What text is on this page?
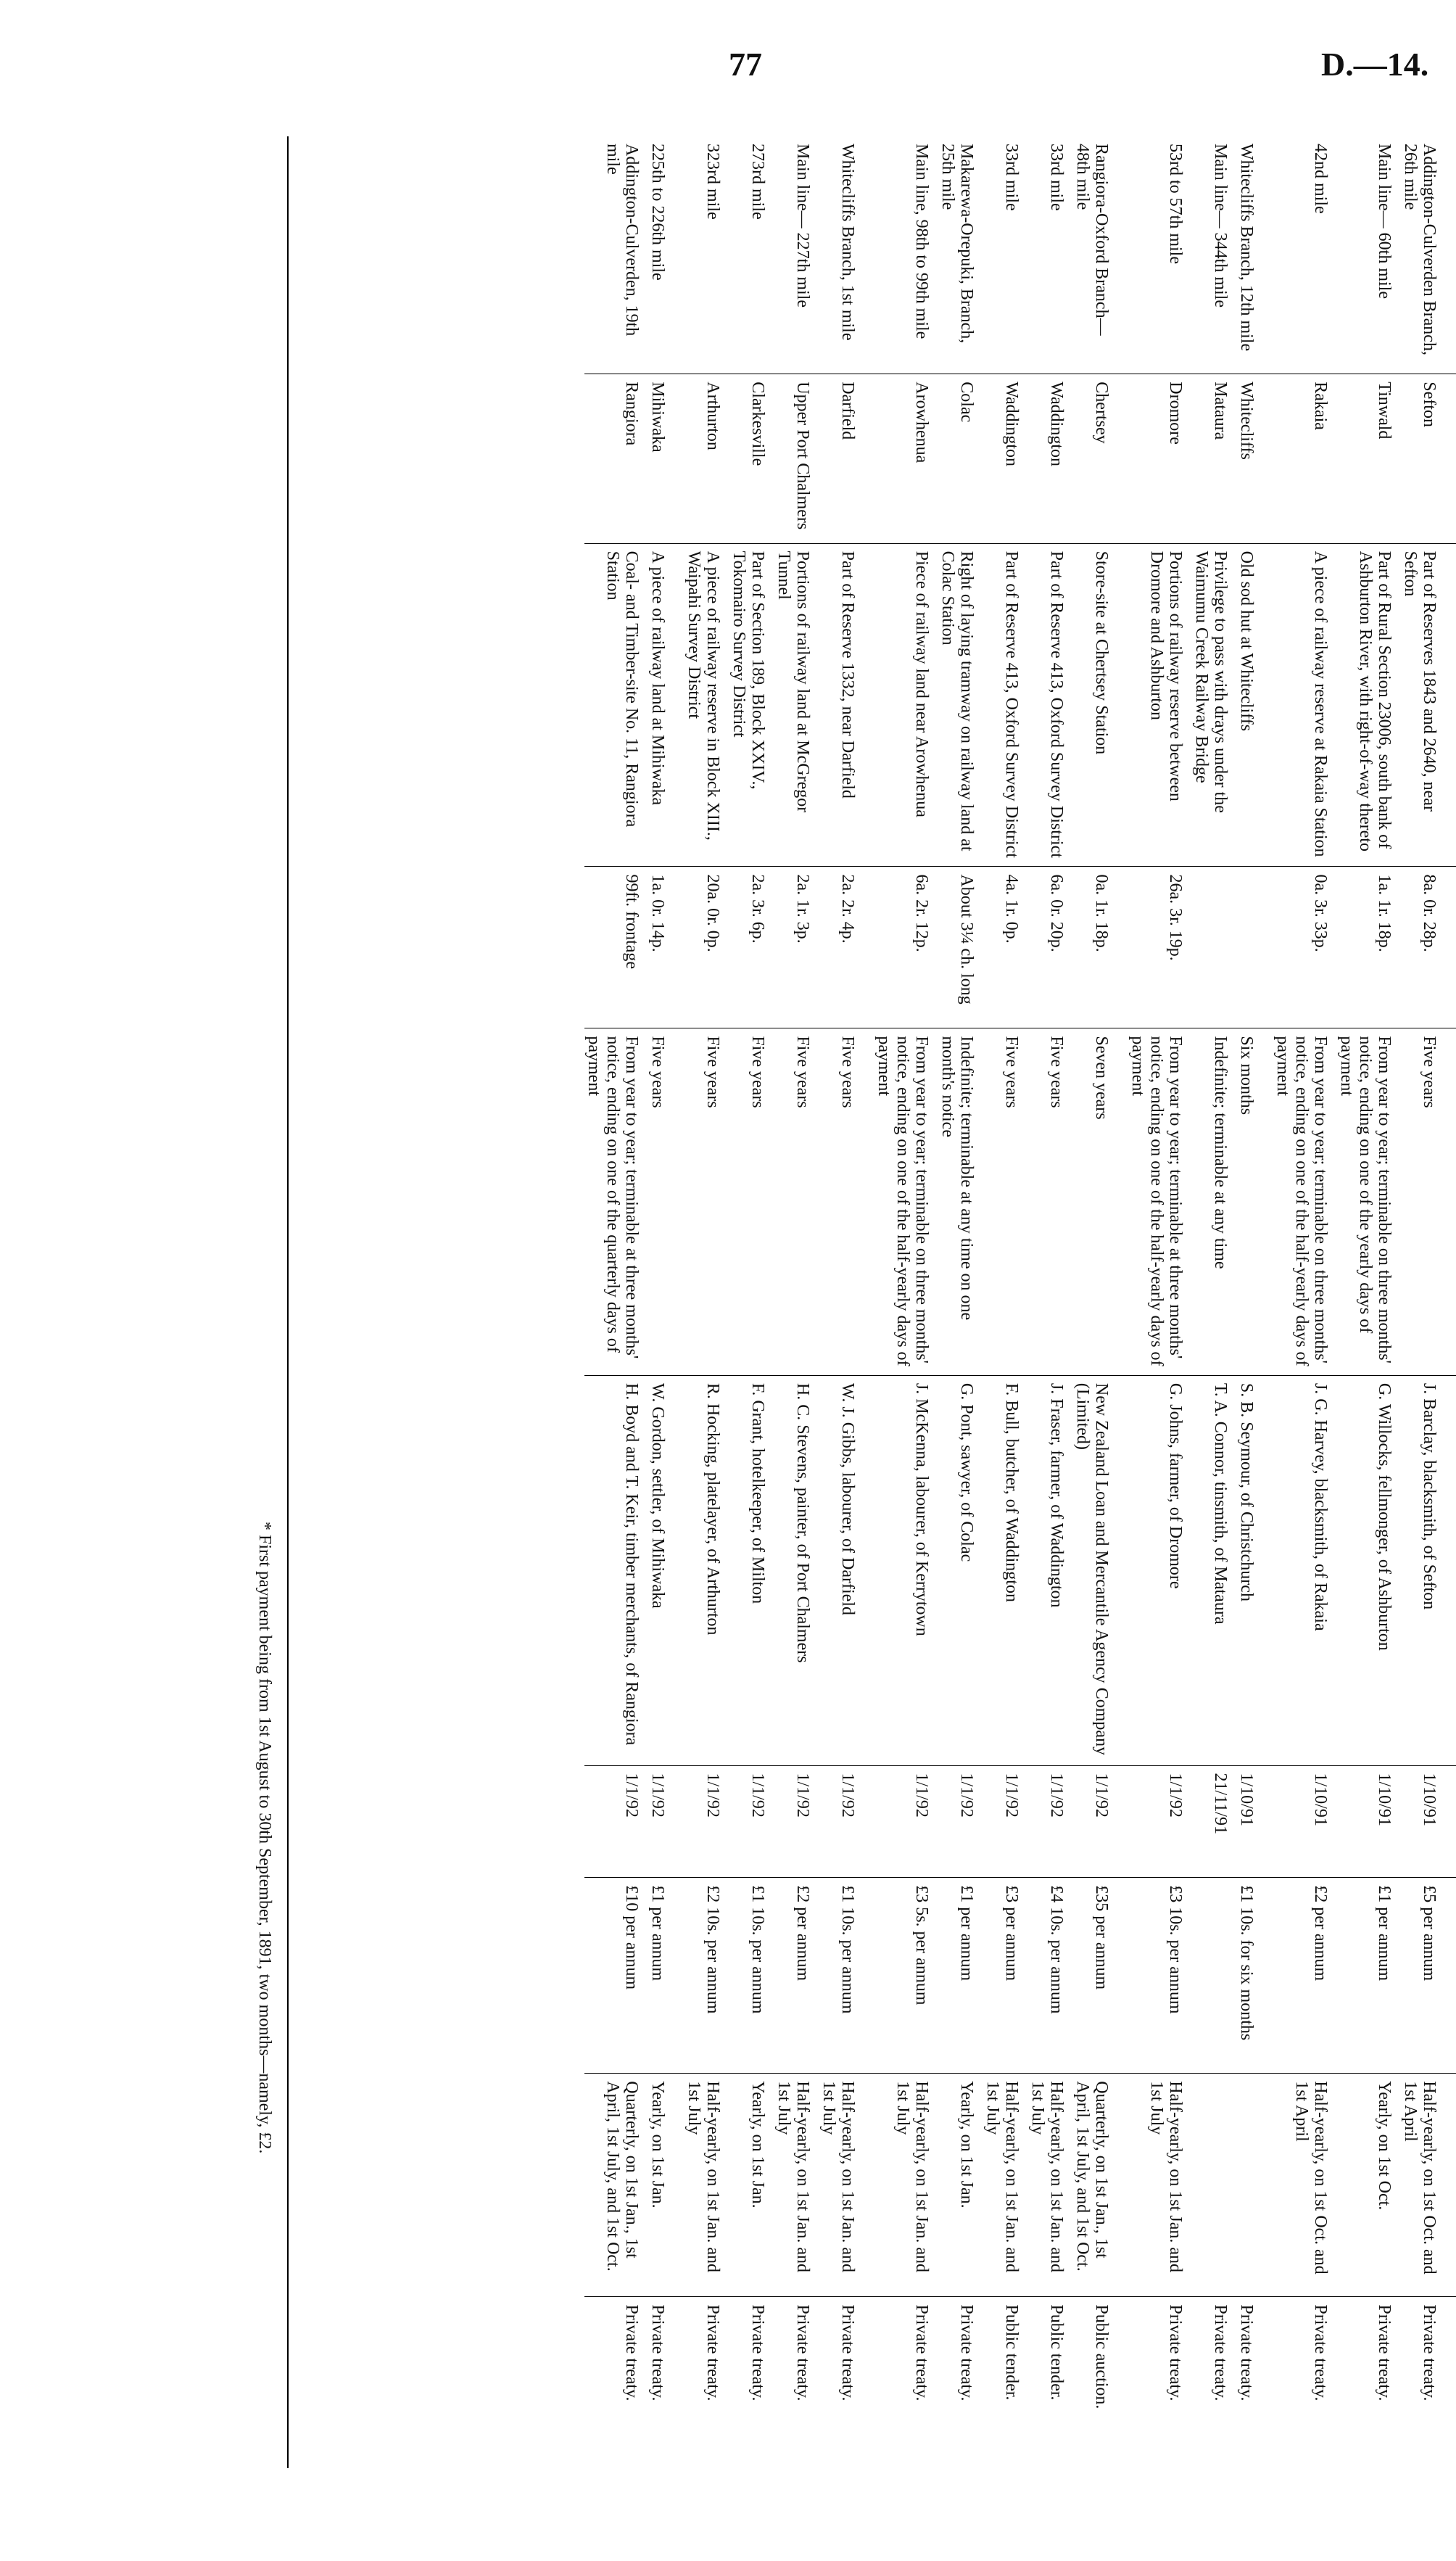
77	D.—14.
Addington-Culverden Branch, 26th mile	Sefton	Part of Reserves 1843 and 2640, near Sefton	8a. 0r. 28p.	Five years	J. Barclay, blacksmith, of Sefton	1/10/91	£5 per annum	Half-yearly, on 1st Oct. and 1st April	Private treaty.
Main line— 60th mile	Tinwald	Part of Rural Section 23006, south bank of Ashburton River, with right-of-way thereto	1a. 1r. 18p.	From year to year; terminable on three months' notice, ending on one of the yearly days of payment	G. Willocks, fellmonger, of Ashburton	1/10/91	£1 per annum	Yearly, on 1st Oct.	Private treaty.
42nd mile	Rakaia	A piece of railway reserve at Rakaia Station	0a. 3r. 33p.	From year to year; terminable on three months' notice, ending on one of the half-yearly days of payment	J. G. Harvey, blacksmith, of Rakaia	1/10/91	£2 per annum	Half-yearly, on 1st Oct. and 1st April	Private treaty.
Whitecliffs Branch, 12th mile	Whitecliffs	Old sod hut at Whitecliffs		Six months	S. B. Seymour, of Christchurch	1/10/91	£1 10s. for six months		Private treaty.
Main line— 344th mile	Mataura	Privilege to pass with drays under the Waimumu Creek Railway Bridge		Indefinite; terminable at any time	T. A. Connor, tinsmith, of Mataura	21/11/91			Private treaty.
53rd to 57th mile	Dromore	Portions of railway reserve between Dromore and Ashburton	26a. 3r. 19p.	From year to year; terminable at three months' notice, ending on one of the half-yearly days of payment	G. Johns, farmer, of Dromore	1/1/92	£3 10s. per annum	Half-yearly, on 1st Jan. and 1st July	Private treaty.
Rangiora-Oxford Branch— 48th mile	Chertsey	Store-site at Chertsey Station	0a. 1r. 18p.	Seven years	New Zealand Loan and Mercantile Agency Company (Limited)	1/1/92	£35 per annum	Quarterly, on 1st Jan., 1st April, 1st July, and 1st Oct.	Public auction.
33rd mile	Waddington	Part of Reserve 413, Oxford Survey District	6a. 0r. 20p.	Five years	J. Fraser, farmer, of Waddington	1/1/92	£4 10s. per annum	Half-yearly, on 1st Jan. and 1st July	Public tender.
33rd mile	Waddington	Part of Reserve 413, Oxford Survey District	4a. 1r. 0p.	Five years	F. Bull, butcher, of Waddington	1/1/92	£3 per annum	Half-yearly, on 1st Jan. and 1st July	Public tender.
Makarewa-Orepuki, Branch, 25th mile	Colac	Right of laying tramway on railway land at Colac Station	About 3¼ ch. long	Indefinite; terminable at any time on one month's notice	G. Pont, sawyer, of Colac	1/1/92	£1 per annum	Yearly, on 1st Jan.	Private treaty.
Main line, 98th to 99th mile	Arowhenua	Piece of railway land near Arowhenua	6a. 2r. 12p.	From year to year; terminable on three months' notice, ending on one of the half-yearly days of payment	J. McKenna, labourer, of Kerrytown	1/1/92	£3 5s. per annum	Half-yearly, on 1st Jan. and 1st July	Private treaty.
Whitecliffs Branch, 1st mile	Darfield	Part of Reserve 1332, near Darfield	2a. 2r. 4p.	Five years	W. J. Gibbs, labourer, of Darfield	1/1/92	£1 10s. per annum	Half-yearly, on 1st Jan. and 1st July	Private treaty.
Main line— 227th mile	Upper Port Chalmers	Portions of railway land at McGregor Tunnel	2a. 1r. 3p.	Five years	H. C. Stevens, painter, of Port Chalmers	1/1/92	£2 per annum	Half-yearly, on 1st Jan. and 1st July	Private treaty.
273rd mile	Clarkesville	Part of Section 189, Block XXIV., Tokomairo Survey District	2a. 3r. 6p.	Five years	F. Grant, hotelkeeper, of Milton	1/1/92	£1 10s. per annum	Yearly, on 1st Jan.	Private treaty.
323rd mile	Arthurton	A piece of railway reserve in Block XIII., Waipahi Survey District	20a. 0r. 0p.	Five years	R. Hocking, platelayer, of Arthurton	1/1/92	£2 10s. per annum	Half-yearly, on 1st Jan. and 1st July	Private treaty.
225th to 226th mile	Mihiwaka	A piece of railway land at Mihiwaka	1a. 0r. 14p.	Five years	W. Gordon, settler, of Mihiwaka	1/1/92	£1 per annum	Yearly, on 1st Jan.	Private treaty.
Addington-Culverden, 19th mile	Rangiora	Coal- and Timber-site No. 11, Rangiora Station	99ft. frontage	From year to year; terminable at three months' notice, ending on one of the quarterly days of payment	H. Boyd and T. Keir, timber merchants, of Rangiora	1/1/92	£10 per annum	Quarterly, on 1st Jan., 1st April, 1st July, and 1st Oct.	Private treaty.
* First payment being from 1st August to 30th September, 1891, two months—namely, £2.
